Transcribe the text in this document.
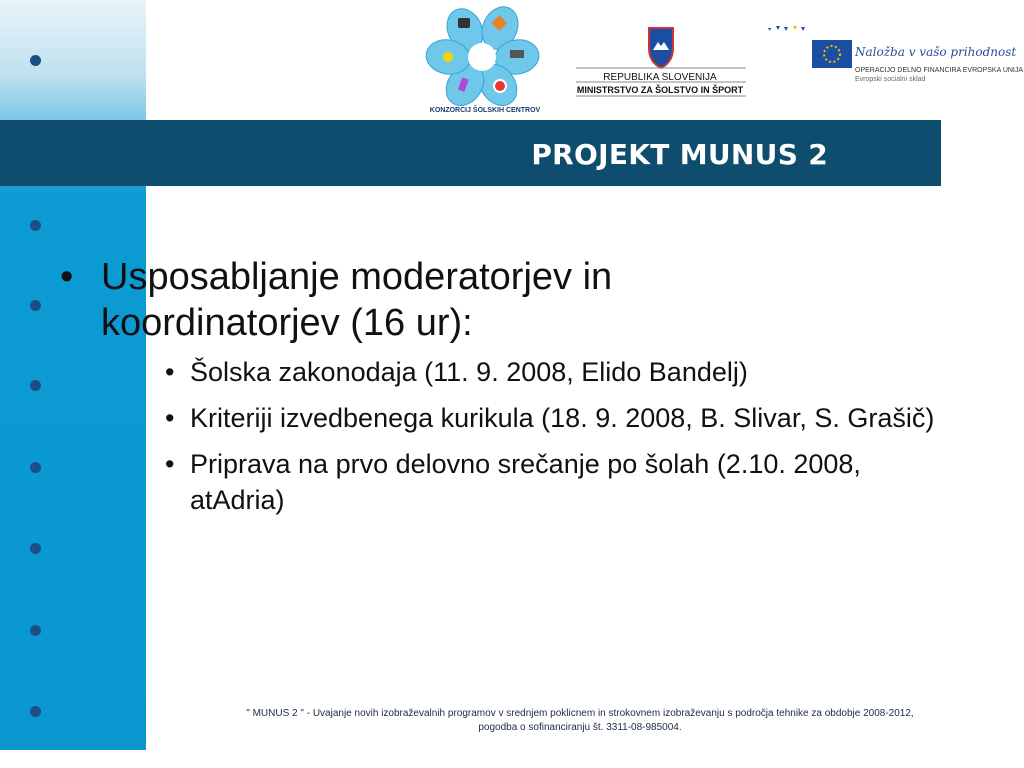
KONZORCIJ ŠOLSKIH CENTROV
REPUBLIKA SLOVENIJA
MINISTRSTVO ZA ŠOLSTVO IN ŠPORT
Naložba v vašo prihodnost
OPERACIJO DELNO FINANCIRA EVROPSKA UNIJA
Evropski socialni sklad
PROJEKT MUNUS 2
• Usposabljanje moderatorjev in koordinatorjev (16 ur):
• Šolska zakonodaja (11. 9. 2008, Elido Bandelj)
• Kriteriji izvedbenega kurikula (18. 9. 2008, B. Slivar, S. Grašič)
• Priprava na prvo delovno srečanje po šolah (2.10. 2008, atAdria)
" MUNUS 2 " - Uvajanje novih izobraževalnih programov v srednjem poklicnem in strokovnem izobraževanju s področja tehnike za obdobje 2008-2012,
pogodba o sofinanciranju št. 3311-08-985004.
